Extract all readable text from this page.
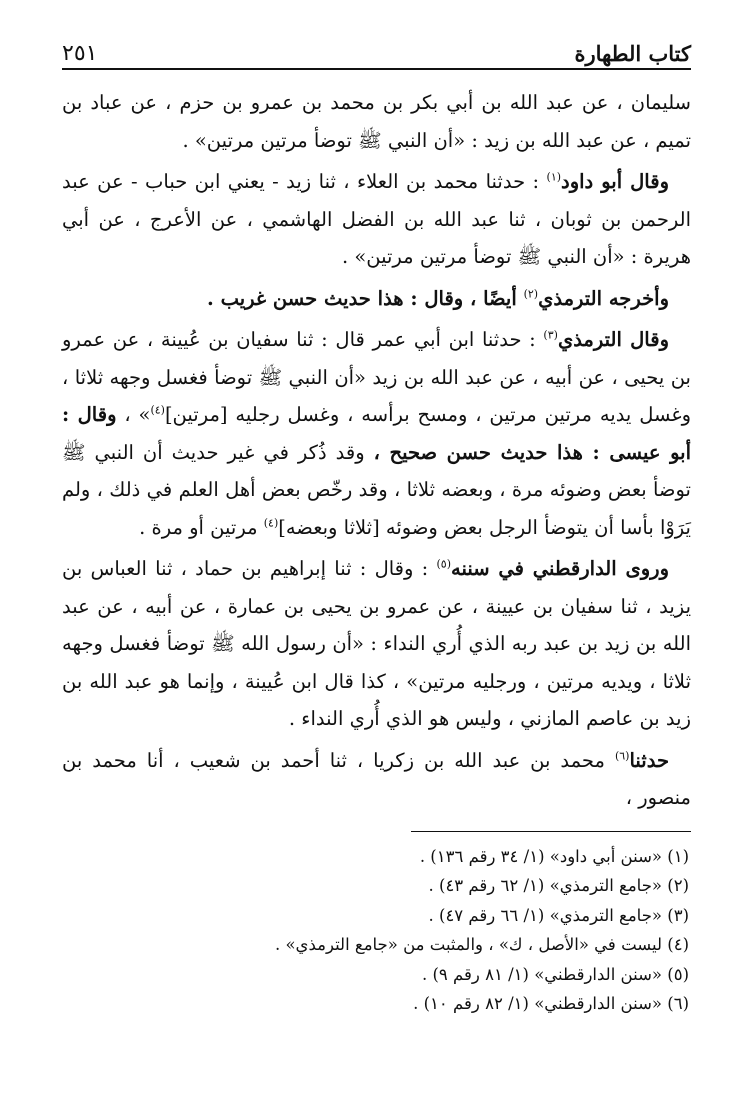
كتاب الطهارة
٢٥١

سليمان ، عن عبد الله بن أبي بكر بن محمد بن عمرو بن حزم ، عن عباد بن تميم ، عن عبد الله بن زيد : «أن النبي ﷺ توضأ مرتين مرتين» .

وقال أبو داود$^{(١)}$ : حدثنا محمد بن العلاء ، ثنا زيد - يعني ابن حباب - عن عبد الرحمن بن ثوبان ، ثنا عبد الله بن الفضل الهاشمي ، عن الأعرج ، عن أبي هريرة : «أن النبي ﷺ توضأ مرتين مرتين» .

وأخرجه الترمذي$^{(٢)}$ أيضًا ، وقال : هذا حديث حسن غريب .

وقال الترمذي$^{(٣)}$ : حدثنا ابن أبي عمر قال : ثنا سفيان بن عُيينة ، عن عمرو بن يحيى ، عن أبيه ، عن عبد الله بن زيد «أن النبي ﷺ توضأ فغسل وجهه ثلاثا ، وغسل يديه مرتين مرتين ، ومسح برأسه ، وغسل رجليه [مرتين]$^{(٤)}$» ، وقال : أبو عيسى : هذا حديث حسن صحيح ، وقد ذُكر في غير حديث أن النبي ﷺ توضأ بعض وضوئه مرة ، وبعضه ثلاثا ، وقد رخّص بعض أهل العلم في ذلك ، ولم يَرَوْا بأسا أن يتوضأ الرجل بعض وضوئه [ثلاثا وبعضه]$^{(٤)}$ مرتين أو مرة .

وروى الدارقطني في سننه$^{(٥)}$ : وقال : ثنا إبراهيم بن حماد ، ثنا العباس بن يزيد ، ثنا سفيان بن عيينة ، عن عمرو بن يحيى بن عمارة ، عن أبيه ، عن عبد الله بن زيد بن عبد ربه الذي أُري النداء : «أن رسول الله ﷺ توضأ فغسل وجهه ثلاثا ، ويديه مرتين ، ورجليه مرتين» ، كذا قال ابن عُيينة ، وإنما هو عبد الله بن زيد بن عاصم المازني ، وليس هو الذي أُري النداء .

حدثنا$^{(٦)}$ محمد بن عبد الله بن زكريا ، ثنا أحمد بن شعيب ، أنا محمد بن منصور ،

(١) «سنن أبي داود» (١/ ٣٤ رقم ١٣٦) .
(٢) «جامع الترمذي» (١/ ٦٢ رقم ٤٣) .
(٣) «جامع الترمذي» (١/ ٦٦ رقم ٤٧) .
(٤) ليست في «الأصل ، ك» ، والمثبت من «جامع الترمذي» .
(٥) «سنن الدارقطني» (١/ ٨١ رقم ٩) .
(٦) «سنن الدارقطني» (١/ ٨٢ رقم ١٠) .
